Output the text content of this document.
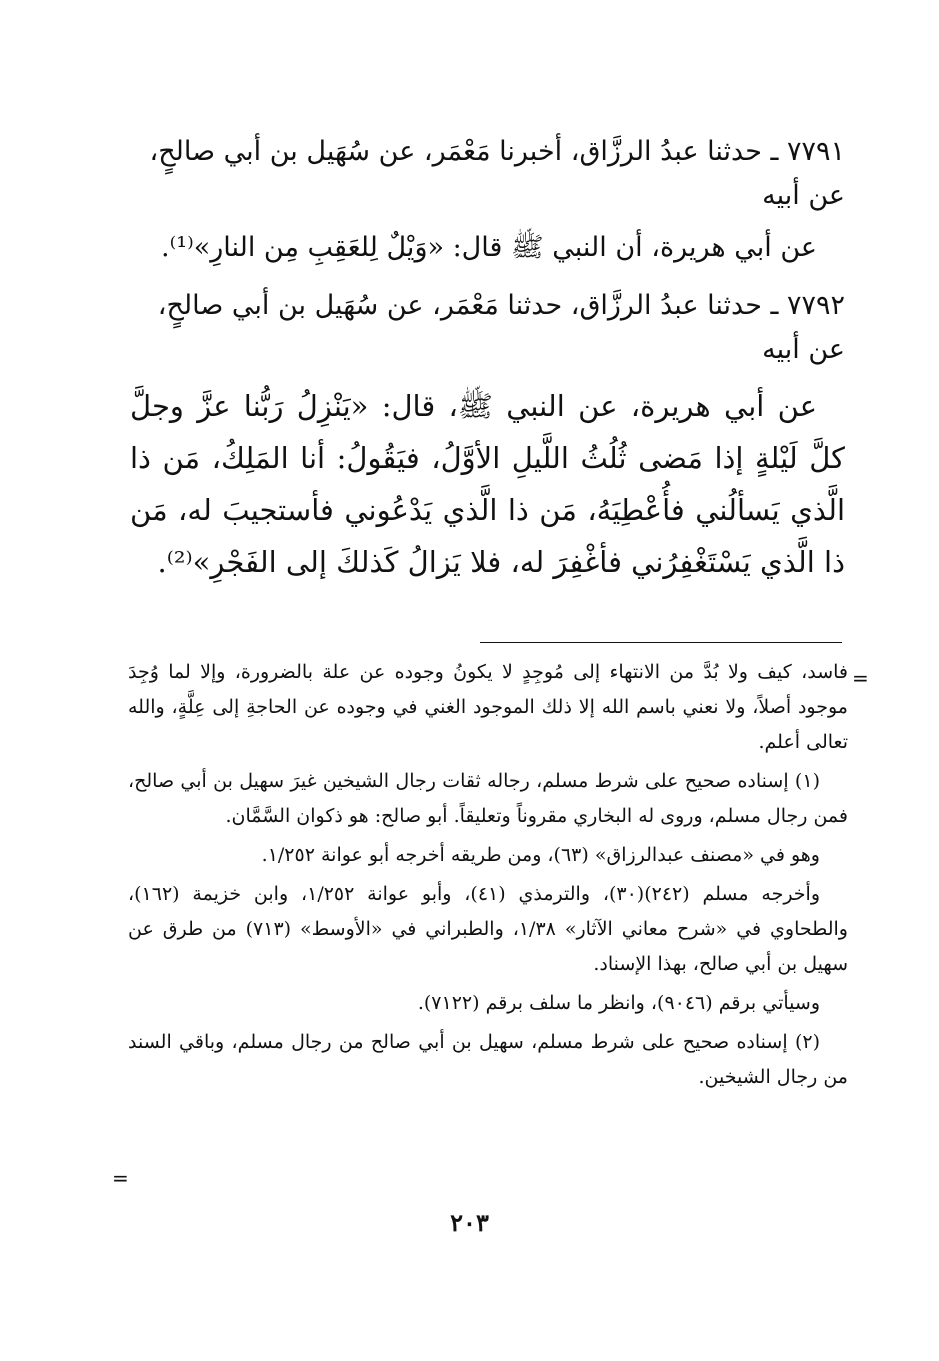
٧٧٩١ ـ حدثنا عبدُ الرزَّاق، أخبرنا مَعْمَر، عن سُهَيل بن أبي صالحٍ،

عن أبيه

عن أبي هريرة، أن النبي ﷺ قال: «وَيْلٌ لِلعَقِبِ مِن النارِ»⁽¹⁾.

٧٧٩٢ ـ حدثنا عبدُ الرزَّاق، حدثنا مَعْمَر، عن سُهَيل بن أبي صالحٍ،

عن أبيه

عن أبي هريرة، عن النبي ﷺ، قال: «يَنْزِلُ رَبُّنا عزَّ وجلَّ كلَّ لَيْلةٍ إذا مَضى ثُلُثُ اللَّيلِ الأوَّلُ، فيَقُولُ: أنا المَلِكُ، مَن ذا الَّذي يَسألُني فأُعْطِيَهُ، مَن ذا الَّذي يَدْعُوني فأستجيبَ له، مَن ذا الَّذي يَسْتَغْفِرُني فأغْفِرَ له، فلا يَزالُ كَذلكَ إلى الفَجْرِ»⁽²⁾.

=

فاسد، كيف ولا بُدَّ من الانتهاء إلى مُوجِدٍ لا يكونُ وجوده عن علة بالضرورة، وإلا لما وُجِدَ موجود أصلاً، ولا نعني باسم الله إلا ذلك الموجود الغني في وجوده عن الحاجةِ إلى عِلَّةٍ، والله تعالى أعلم.

(١) إسناده صحيح على شرط مسلم، رجاله ثقات رجال الشيخين غيرَ سهيل بن أبي صالح، فمن رجال مسلم، وروى له البخاري مقروناً وتعليقاً. أبو صالح: هو ذكوان السَّمَّان.

وهو في «مصنف عبدالرزاق» (٦٣)، ومن طريقه أخرجه أبو عوانة ١/٢٥٢.

وأخرجه مسلم (٢٤٢)(٣٠)، والترمذي (٤١)، وأبو عوانة ١/٢٥٢، وابن خزيمة (١٦٢)، والطحاوي في «شرح معاني الآثار» ١/٣٨، والطبراني في «الأوسط» (٧١٣) من طرق عن سهيل بن أبي صالح، بهذا الإسناد.

وسيأتي برقم (٩٠٤٦)، وانظر ما سلف برقم (٧١٢٢).

(٢) إسناده صحيح على شرط مسلم، سهيل بن أبي صالح من رجال مسلم، وباقي السند من رجال الشيخين.

=
٢٠٣
